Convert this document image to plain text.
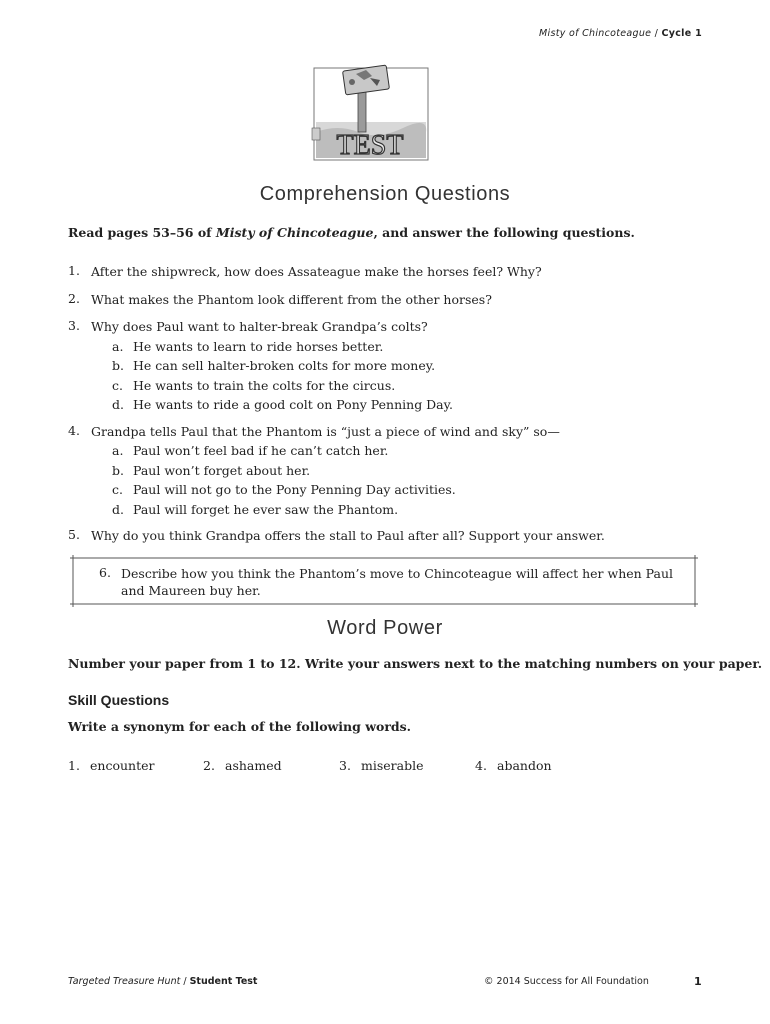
Misty of Chincoteague / Cycle 1
TEST
Comprehension Questions
Read pages 53–56 of Misty of Chincoteague, and answer the following questions.
1. After the shipwreck, how does Assateague make the horses feel? Why?
2. What makes the Phantom look different from the other horses?
3. Why does Paul want to halter-break Grandpa’s colts?
a. He wants to learn to ride horses better.
b. He can sell halter-broken colts for more money.
c. He wants to train the colts for the circus.
d. He wants to ride a good colt on Pony Penning Day.
4. Grandpa tells Paul that the Phantom is “just a piece of wind and sky” so—
a. Paul won’t feel bad if he can’t catch her.
b. Paul won’t forget about her.
c. Paul will not go to the Pony Penning Day activities.
d. Paul will forget he ever saw the Phantom.
5. Why do you think Grandpa offers the stall to Paul after all? Support your answer.
6. Describe how you think the Phantom’s move to Chincoteague will affect her when Paul and Maureen buy her.
Word Power
Number your paper from 1 to 12. Write your answers next to the matching numbers on your paper.
Skill Questions
Write a synonym for each of the following words.
1. encounter	2. ashamed	3. miserable	4. abandon
Targeted Treasure Hunt / Student Test	© 2014 Success for All Foundation	1
